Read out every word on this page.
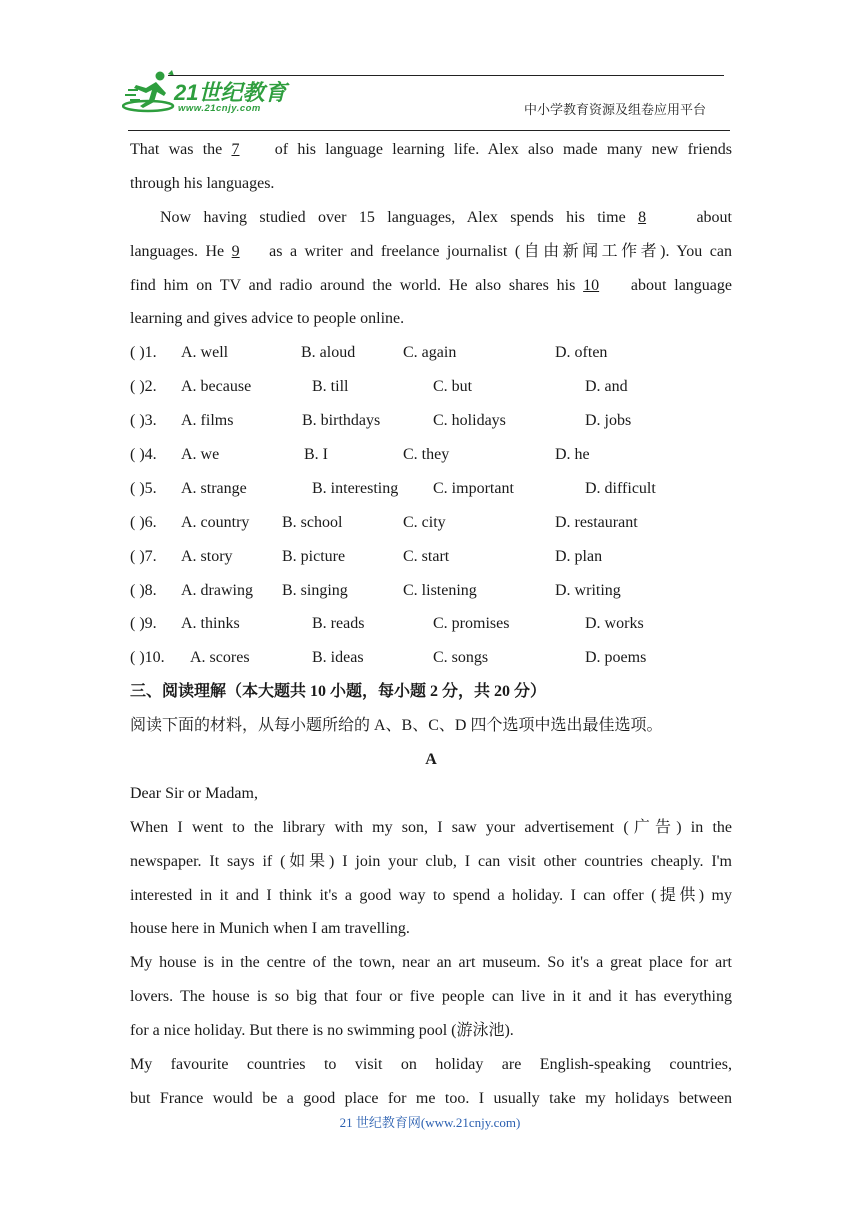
21世纪教育
www.21cnjy.com	中小学教育资源及组卷应用平台
That was the 7 of his language learning life. Alex also made many new friends
through his languages.
Now having studied over 15 languages, Alex spends his time 8	about
languages. He 9 as a writer and freelance journalist (自由新闻工作者). You can
find him on TV and radio around the world. He also shares his 10 about language
learning and gives advice to people online.
( )1. A. well	B. aloud	C. again	D. often
( )2. A. because	B. till	C. but	D. and
( )3. A. films	B. birthdays	C. holidays	D. jobs
( )4. A. we	B. I	C. they	D. he
( )5. A. strange	B. interesting C. important	D. difficult
( )6. A. country B. school	C. city	D. restaurant
( )7. A. story	B. picture	C. start	D. plan
( )8. A. drawing B. singing	C. listening	D. writing
( )9. A. thinks	B. reads	C. promises	D. works
( )10. A. scores	B. ideas	C. songs	D. poems
三、阅读理解（本大题共 10 小题，每小题 2 分，共 20 分）
阅读下面的材料，从每小题所给的 A、B、C、D 四个选项中选出最佳选项。
A
Dear Sir or Madam,
When I went to the library with my son, I saw your advertisement (广告) in the
newspaper. It says if (如果) I join your club, I can visit other countries cheaply. I'm
interested in it and I think it's a good way to spend a holiday. I can offer (提供) my
house here in Munich when I am travelling.
My house is in the centre of the town, near an art museum. So it's a great place for art
lovers. The house is so big that four or five people can live in it and it has everything
for a nice holiday. But there is no swimming pool (游泳池).
My favourite countries to visit on holiday are English-speaking countries,
but France would be a good place for me too. I usually take my holidays between
21 世纪教育网(www.21cnjy.com)
